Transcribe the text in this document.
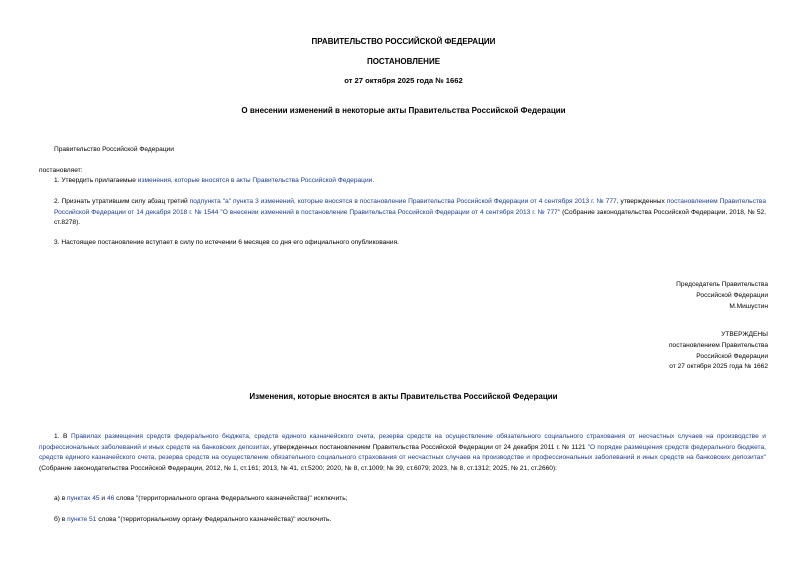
ПРАВИТЕЛЬСТВО РОССИЙСКОЙ ФЕДЕРАЦИИ
ПОСТАНОВЛЕНИЕ
от 27 октября 2025 года № 1662
О внесении изменений в некоторые акты Правительства Российской Федерации
Правительство Российской Федерации
постановляет:
1. Утвердить прилагаемые изменения, которые вносятся в акты Правительства Российской Федерации.
2. Признать утратившим силу абзац третий подпункта "а" пункта 3 изменений, которые вносятся в постановление Правительства Российской Федерации от 4 сентября 2013 г. № 777, утвержденных постановлением Правительства Российской Федерации от 14 декабря 2018 г. № 1544 "О внесении изменений в постановление Правительства Российской Федерации от 4 сентября 2013 г. № 777" (Собрание законодательства Российской Федерации, 2018, № 52, ст.8278).
3. Настоящее постановление вступает в силу по истечении 6 месяцев со дня его официального опубликования.
Председатель Правительства
Российской Федерации
М.Мишустин
УТВЕРЖДЕНЫ
постановлением Правительства
Российской Федерации
от 27 октября 2025 года № 1662
Изменения, которые вносятся в акты Правительства Российской Федерации
1. В Правилах размещения средств федерального бюджета, средств единого казначейского счета, резерва средств на осуществление обязательного социального страхования от несчастных случаев на производстве и профессиональных заболеваний и иных средств на банковских депозитах, утвержденных постановлением Правительства Российской Федерации от 24 декабря 2011 г. № 1121 "О порядке размещения средств федерального бюджета, средств единого казначейского счета, резерва средств на осуществление обязательного социального страхования от несчастных случаев на производстве и профессиональных заболеваний и иных средств на банковских депозитах" (Собрание законодательства Российской Федерации, 2012, № 1, ст.161; 2013, № 41, ст.5200; 2020, № 8, ст.1009; № 39, ст.6079; 2023, № 8, ст.1312; 2025, № 21, ст.2660):
а) в пунктах 45 и 46 слова "(территориального органа Федерального казначейства)" исключить;
б) в пункте 51 слова "(территориальному органу Федерального казначейства)" исключить.
